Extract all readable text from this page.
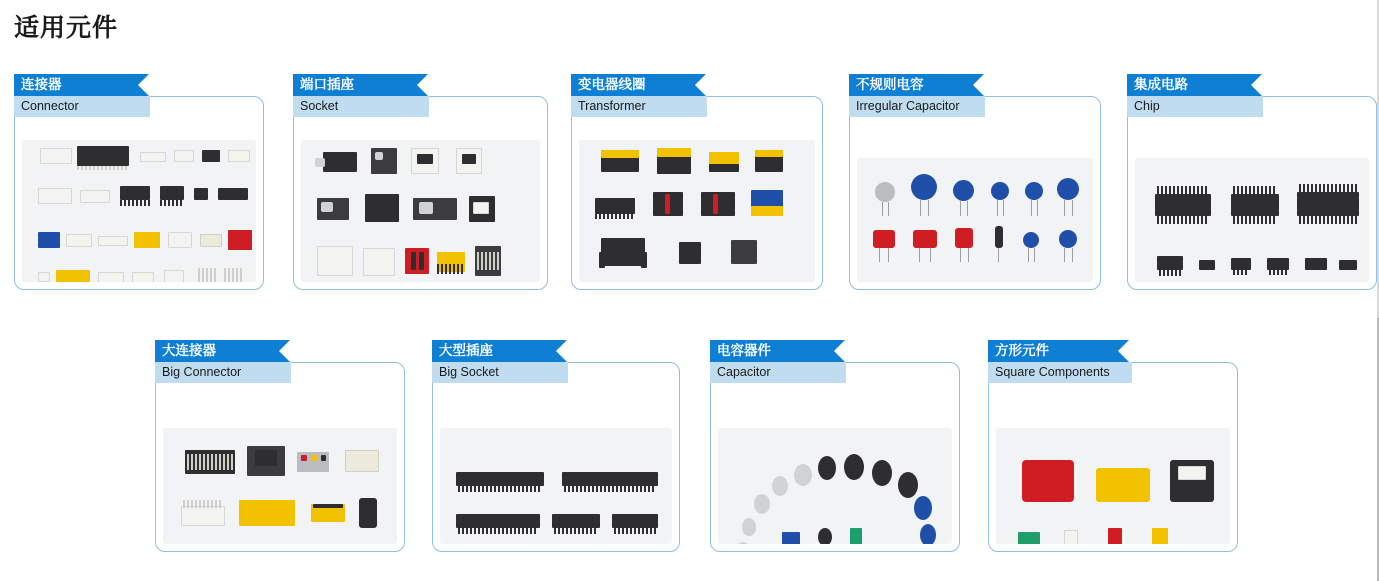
适用元件
连接器
Connector
端口插座
Socket
变电器线圈
Transformer
不规则电容
Irregular Capacitor
集成电路
Chip
大连接器
Big Connector
大型插座
Big Socket
电容器件
Capacitor
方形元件
Square Components
